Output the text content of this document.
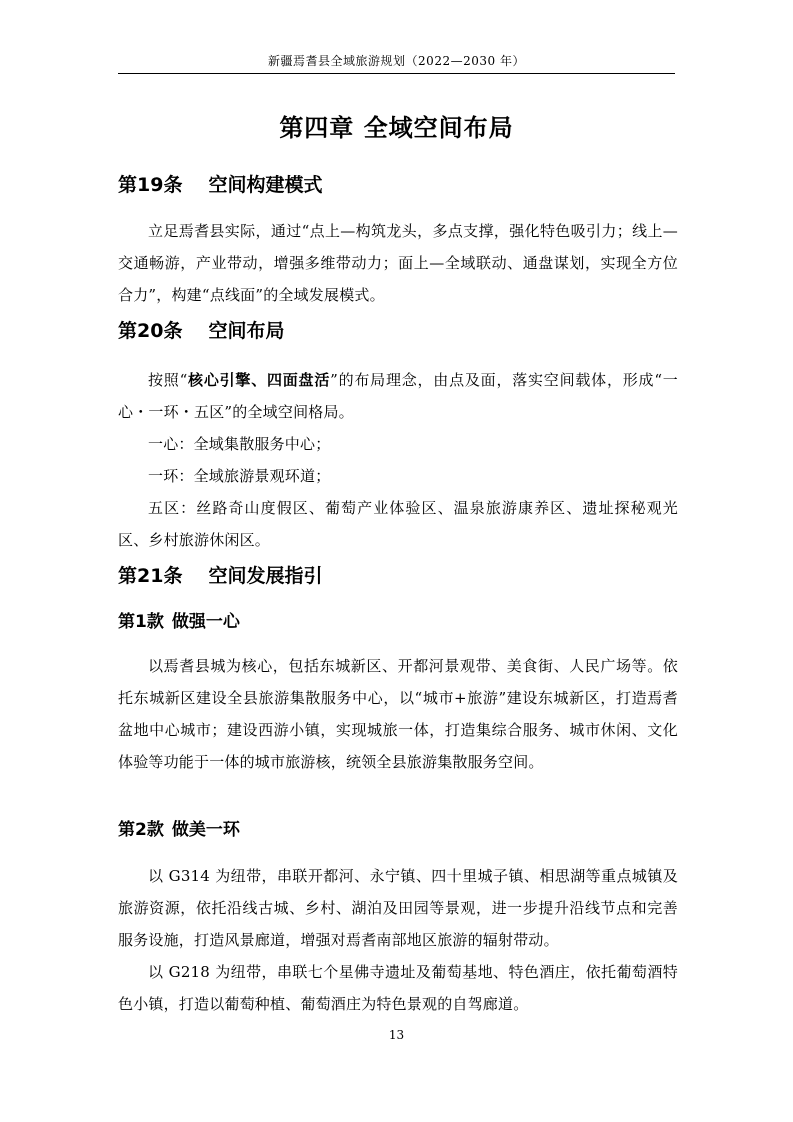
新疆焉耆县全域旅游规划（2022—2030 年）
第四章 全域空间布局
第19条 空间构建模式
立足焉耆县实际，通过“点上—构筑龙头，多点支撑，强化特色吸引力；线上—交通畅游，产业带动，增强多维带动力；面上—全域联动、通盘谋划，实现全方位合力”，构建“点线面”的全域发展模式。
第20条 空间布局
按照“核心引擎、四面盘活”的布局理念，由点及面，落实空间载体，形成“一心・一环・五区”的全域空间格局。
一心：全域集散服务中心；
一环：全域旅游景观环道；
五区：丝路奇山度假区、葡萄产业体验区、温泉旅游康养区、遗址探秘观光区、乡村旅游休闲区。
第21条 空间发展指引
第1款 做强一心
以焉耆县城为核心，包括东城新区、开都河景观带、美食街、人民广场等。依托东城新区建设全县旅游集散服务中心，以“城市+旅游”建设东城新区，打造焉耆盆地中心城市；建设西游小镇，实现城旅一体，打造集综合服务、城市休闲、文化体验等功能于一体的城市旅游核，统领全县旅游集散服务空间。
第2款 做美一环
以 G314 为纽带，串联开都河、永宁镇、四十里城子镇、相思湖等重点城镇及旅游资源，依托沿线古城、乡村、湖泊及田园等景观，进一步提升沿线节点和完善服务设施，打造风景廊道，增强对焉耆南部地区旅游的辐射带动。
以 G218 为纽带，串联七个星佛寺遗址及葡萄基地、特色酒庄，依托葡萄酒特色小镇，打造以葡萄种植、葡萄酒庄为特色景观的自驾廊道。
13
